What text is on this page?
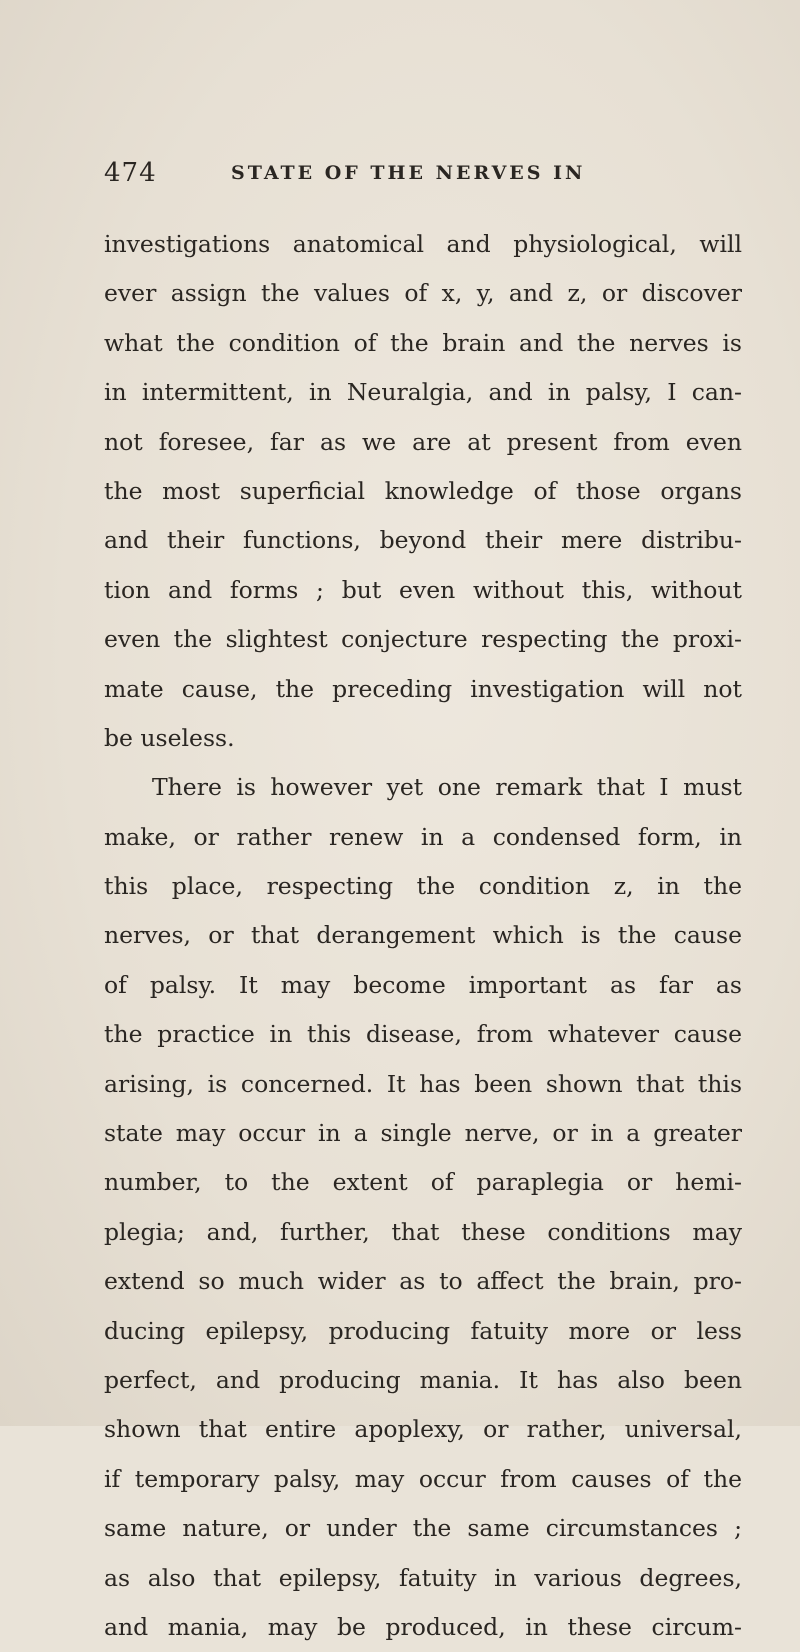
474	STATE OF THE NERVES IN
investigations anatomical and physiological, will
ever assign the values of x, y, and z, or discover
what the condition of the brain and the nerves is
in intermittent, in Neuralgia, and in palsy, I can-
not foresee, far as we are at present from even
the most superficial knowledge of those organs
and their functions, beyond their mere distribu-
tion and forms ; but even without this, without
even the slightest conjecture respecting the proxi-
mate cause, the preceding investigation will not
be useless.
There is however yet one remark that I must
make, or rather renew in a condensed form, in
this place, respecting the condition z, in the
nerves, or that derangement which is the cause
of palsy. It may become important as far as
the practice in this disease, from whatever cause
arising, is concerned. It has been shown that this
state may occur in a single nerve, or in a greater
number, to the extent of paraplegia or hemi-
plegia; and, further, that these conditions may
extend so much wider as to affect the brain, pro-
ducing epilepsy, producing fatuity more or less
perfect, and producing mania. It has also been
shown that entire apoplexy, or rather, universal,
if temporary palsy, may occur from causes of the
same nature, or under the same circumstances ;
as also that epilepsy, fatuity in various degrees,
and mania, may be produced, in these circum-
